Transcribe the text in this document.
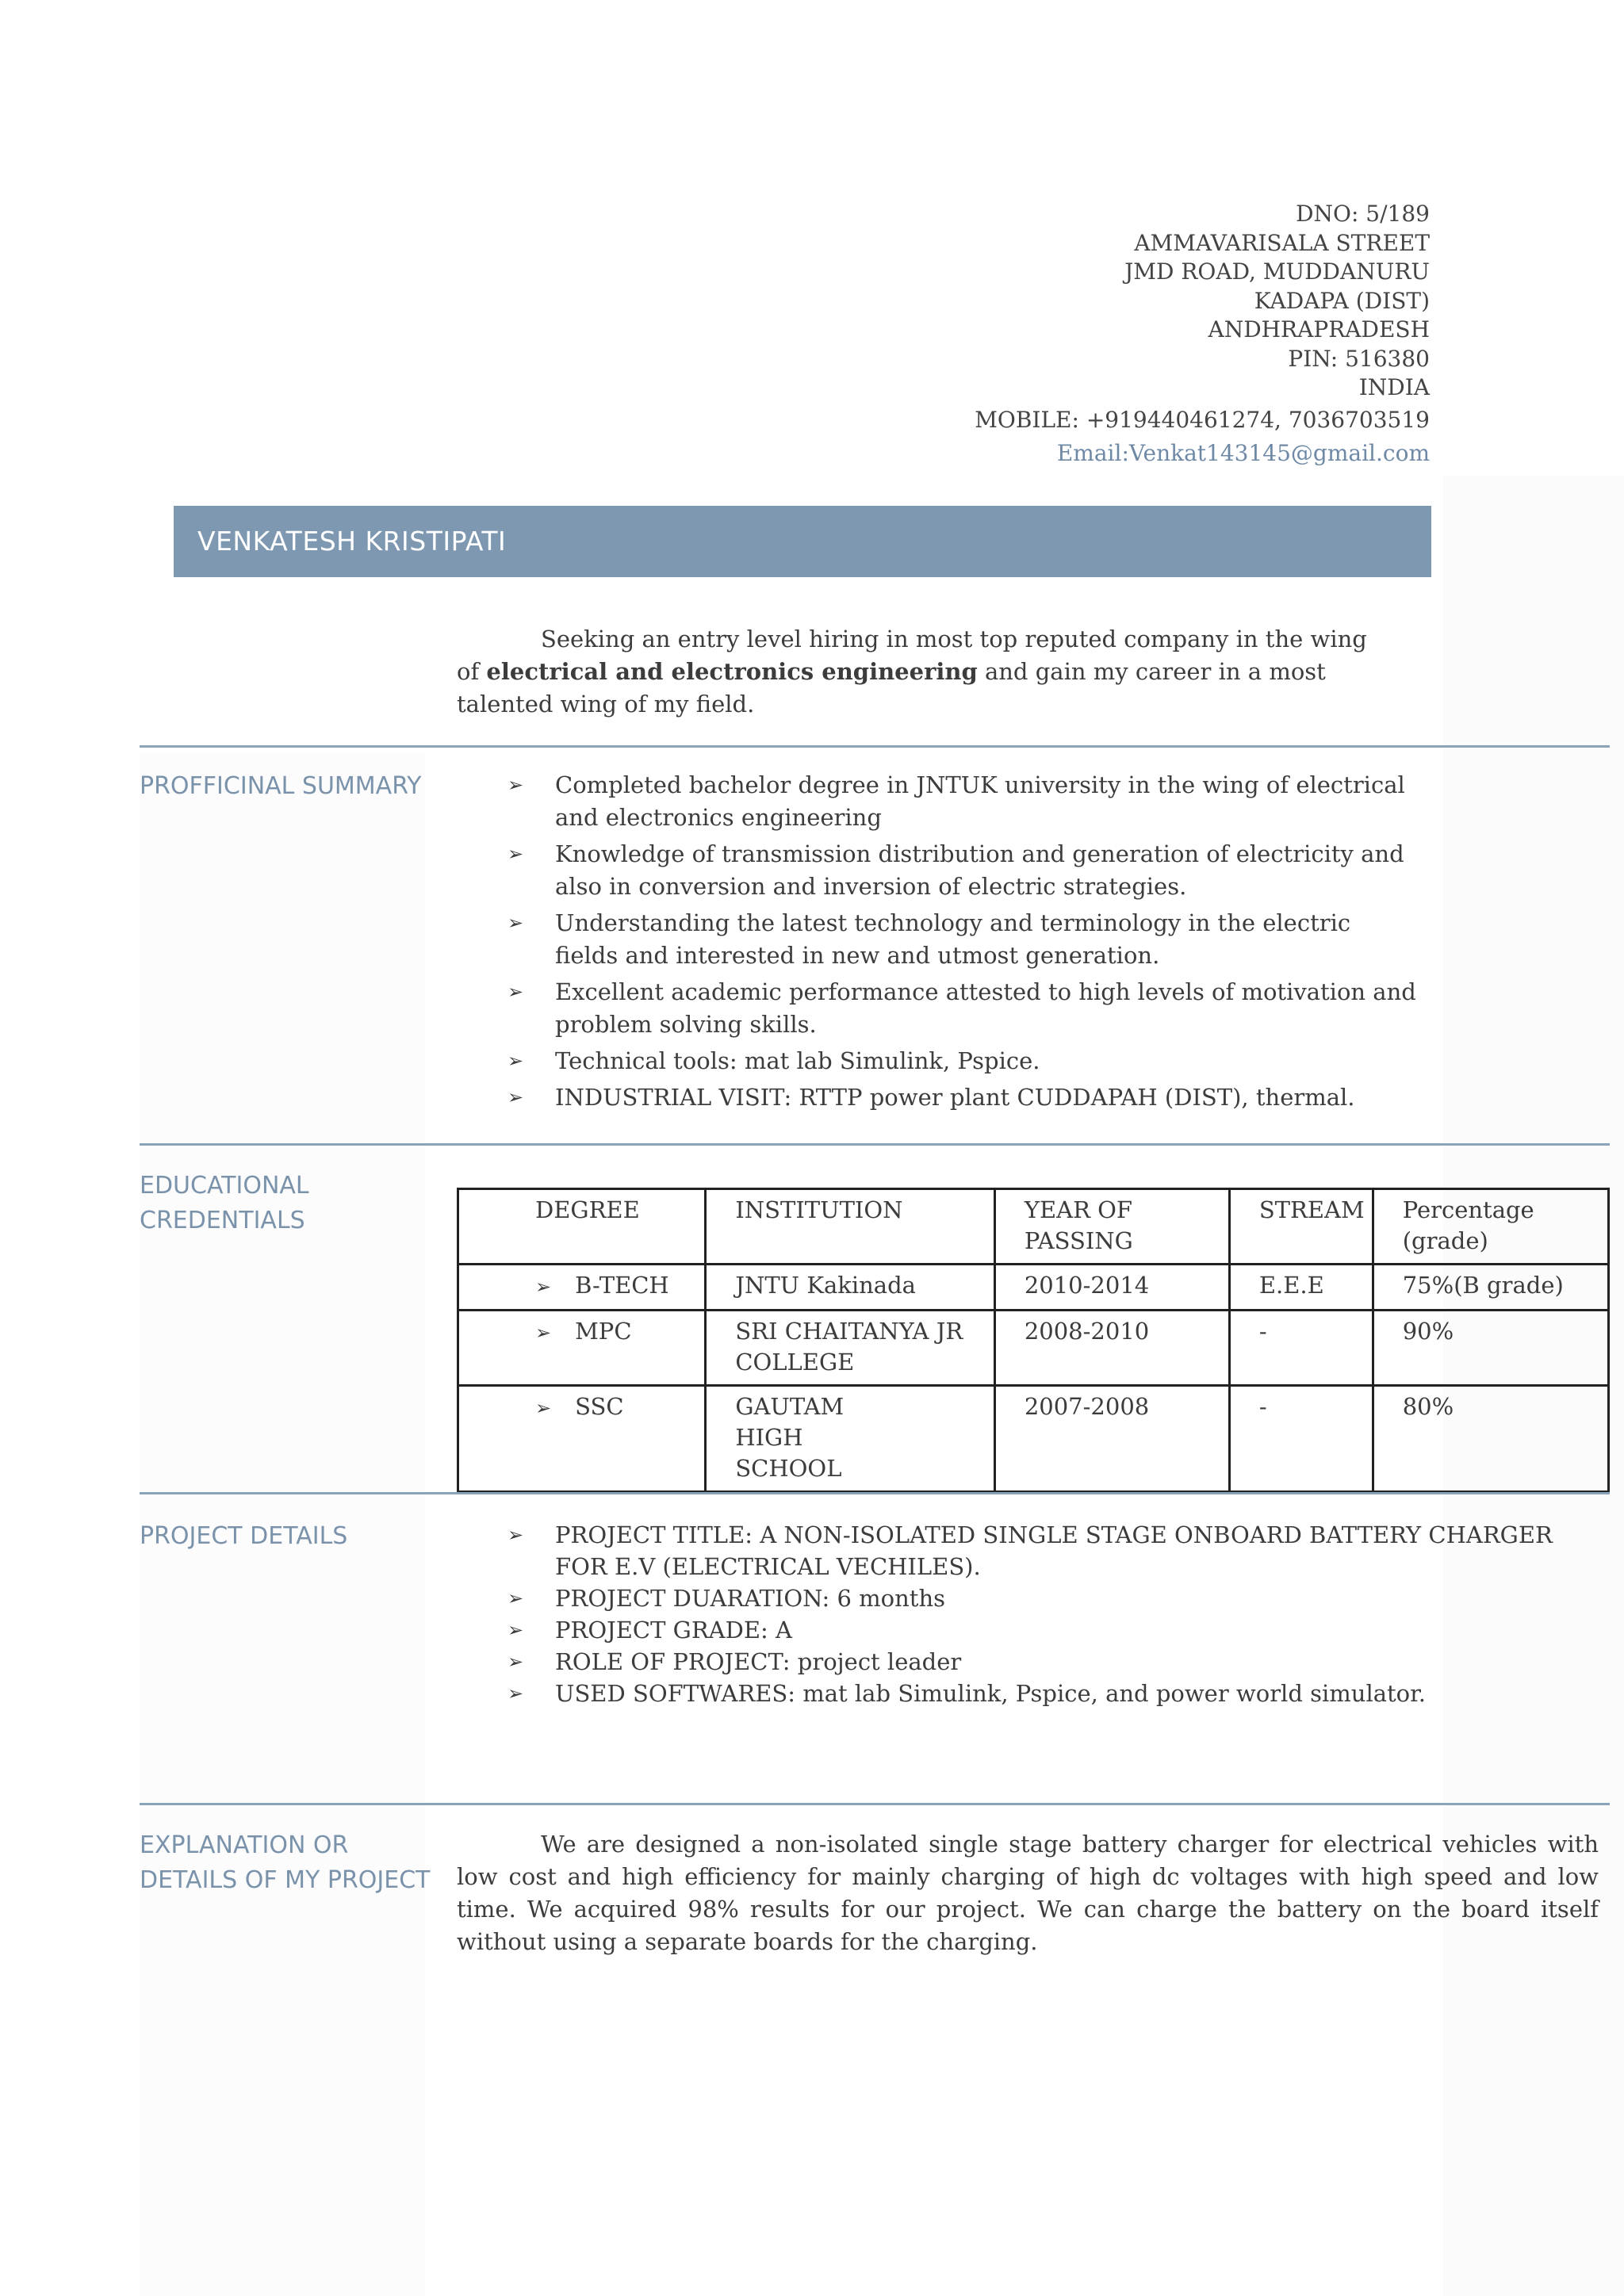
DNO: 5/189
AMMAVARISALA STREET
JMD ROAD, MUDDANURU
KADAPA (DIST)
ANDHRAPRADESH
PIN: 516380
INDIA
MOBILE: +919440461274, 7036703519
Email:Venkat143145@gmail.com
VENKATESH KRISTIPATI
Seeking an entry level hiring in most top reputed company in the wing of electrical and electronics engineering and gain my career in a most talented wing of my field.
PROFFICINAL SUMMARY	➢ Completed bachelor degree in JNTUK university in the wing of electrical and electronics engineering
➢ Knowledge of transmission distribution and generation of electricity and also in conversion and inversion of electric strategies.
➢ Understanding the latest technology and terminology in the electric fields and interested in new and utmost generation.
➢ Excellent academic performance attested to high levels of motivation and problem solving skills.
➢ Technical tools: mat lab Simulink, Pspice.
➢ INDUSTRIAL VISIT: RTTP power plant CUDDAPAH (DIST), thermal.
EDUCATIONAL
CREDENTIALS	DEGREE	INSTITUTION	YEAR OF PASSING	STREAM	Percentage (grade)
➢ B-TECH	JNTU Kakinada	2010-2014	E.E.E	75%(B grade)
➢ MPC	SRI CHAITANYA JR COLLEGE	2008-2010	-	90%
➢ SSC	GAUTAM HIGH SCHOOL	2007-2008	-	80%
PROJECT DETAILS	➢ PROJECT TITLE: A NON-ISOLATED SINGLE STAGE ONBOARD BATTERY CHARGER FOR E.V (ELECTRICAL VECHILES).
➢ PROJECT DUARATION: 6 months
➢ PROJECT GRADE: A
➢ ROLE OF PROJECT: project leader
➢ USED SOFTWARES: mat lab Simulink, Pspice, and power world simulator.
EXPLANATION OR
DETAILS OF MY PROJECT
We are designed a non-isolated single stage battery charger for electrical vehicles with low cost and high efficiency for mainly charging of high dc voltages with high speed and low time. We acquired 98% results for our project. We can charge the battery on the board itself without using a separate boards for the charging.
